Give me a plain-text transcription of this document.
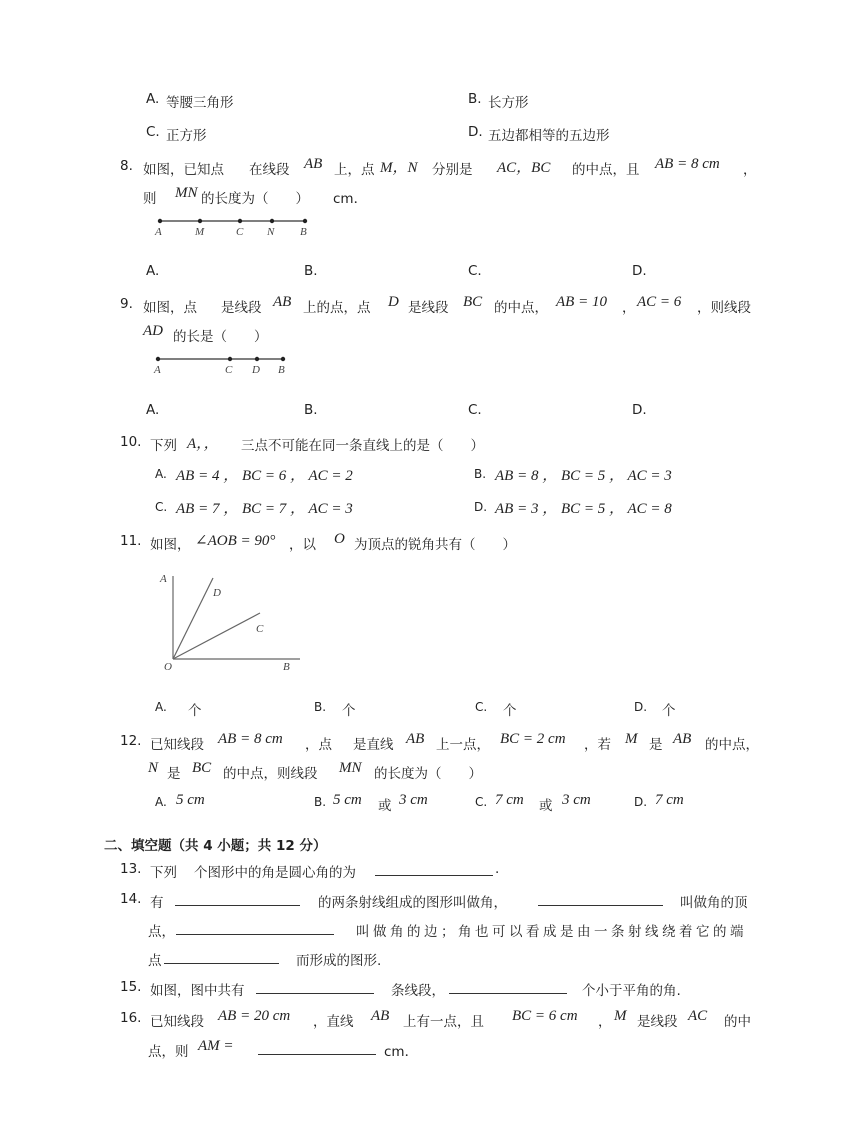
A. 等腰三角形	B. 长方形
C. 正方形	D. 五边都相等的五边形
8. 如图，已知点 在线段 AB 上，点 M，N 分别是 AC，BC 的中点，且 AB = 8 cm ，
则 MN 的长度为（　　） cm．
A	M	C N B
A.	B.	C.	D.
9. 如图，点 是线段 AB 上的点，点 D 是线段 BC 的中点， AB = 10 ， AC = 6 ，则线段
AD 的长是（　　）
A	C D B
A.	B.	C.	D.
10. 下列 A，， 三点不可能在同一条直线上的是（　　）
A. AB = 4 ， BC = 6 ， AC = 2	B. AB = 8 ， BC = 5 ， AC = 3
C. AB = 7 ， BC = 7 ， AC = 3	D. AB = 3 ， BC = 5 ， AC = 8
11. 如图， ∠AOB = 90° ，以 O 为顶点的锐角共有（　　）
A
D
C
O	B
A. 个	B. 个	C. 个	D. 个
12. 已知线段 AB = 8 cm ，点 是直线 AB 上一点， BC = 2 cm ，若 M 是 AB 的中点，
N 是 BC 的中点，则线段 MN 的长度为（　　）
A. 5 cm	B. 5 cm 或 3 cm	C. 7 cm 或 3 cm	D. 7 cm
二、填空题（共 4 小题；共 12 分）
13. 下列 个图形中的角是圆心角的为	.
14. 有	的两条射线组成的图形叫做角，	叫做角的顶
点，	叫做角的边；角也可以看成是由一条射线绕着它的端
点	而形成的图形.
15. 如图，图中共有	条线段，	个小于平角的角.
16. 已知线段 AB = 20 cm ，直线 AB 上有一点，且 BC = 6 cm ， M 是线段 AC 的中
点，则 AM =	cm．
